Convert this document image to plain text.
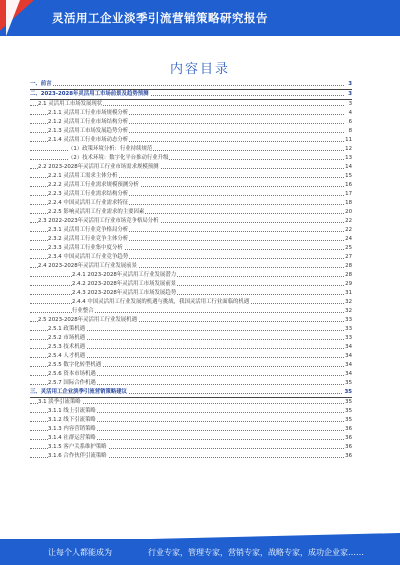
灵活用工企业淡季引流营销策略研究报告
内容目录
一、前言	3
二、2023-2028年灵活用工市场前景及趋势预测	3
2.1 灵活用工市场发展现状	3
2.1.1 灵活用工行业市场规模分析	4
2.1.2 灵活用工行业市场结构分析	6
2.1.3 灵活用工市场发展趋势分析	8
2.1.4 灵活用工行业市场动态分析	11
（1）政策环境分析：行业持续规范	12
（2）技术环境：数字化平台推动行业升级	13
2.2 2023-2028年灵活用工行业市场需求规模预测	14
2.2.1 灵活用工需求主体分析	15
2.2.2 灵活用工行业需求规模预测分析	16
2.2.3 灵活用工行业需求结构分析	17
2.2.4 中国灵活用工行业需求特征	18
2.2.5 影响灵活用工行业需求的主要因素	20
2.3 2022-2023年灵活用工行业市场竞争格局分析	22
2.3.1 灵活用工行业竞争格局分析	22
2.3.2 灵活用工行业竞争主体分析	24
2.3.3 灵活用工行业集中度分析	25
2.3.4 中国灵活用工行业竞争趋势	27
2.4 2023-2028年灵活用工行业发展前景	28
2.4.1 2023-2028年灵活用工行业发展潜力	28
2.4.2 2023-2028年灵活用工市场发展前景	29
2.4.3 2023-2028年灵活用工市场发展趋势	31
2.4.4 中国灵活用工行业发展的机遇与挑战，我国灵活用工行业面临的机遇	32
行业整合	32
2.5 2023-2028年灵活用工行业发展机遇	33
2.5.1 政策机遇	33
2.5.2 市场机遇	33
2.5.3 技术机遇	34
2.5.4 人才机遇	34
2.5.5 数字化转型机遇	34
2.5.6 资本市场机遇	34
2.5.7 国际合作机遇	35
三、灵活用工企业淡季引流营销策略建议	35
3.1 淡季引流策略	35
3.1.1 线上引流策略	35
3.1.2 线下引流策略	35
3.1.3 内容营销策略	36
3.1.4 社群运营策略	36
3.1.5 客户关系维护策略	36
3.1.6 合作伙伴引流策略	36
让每个人都能成为	行业专家，管理专家，营销专家，战略专家，成功企业家……
